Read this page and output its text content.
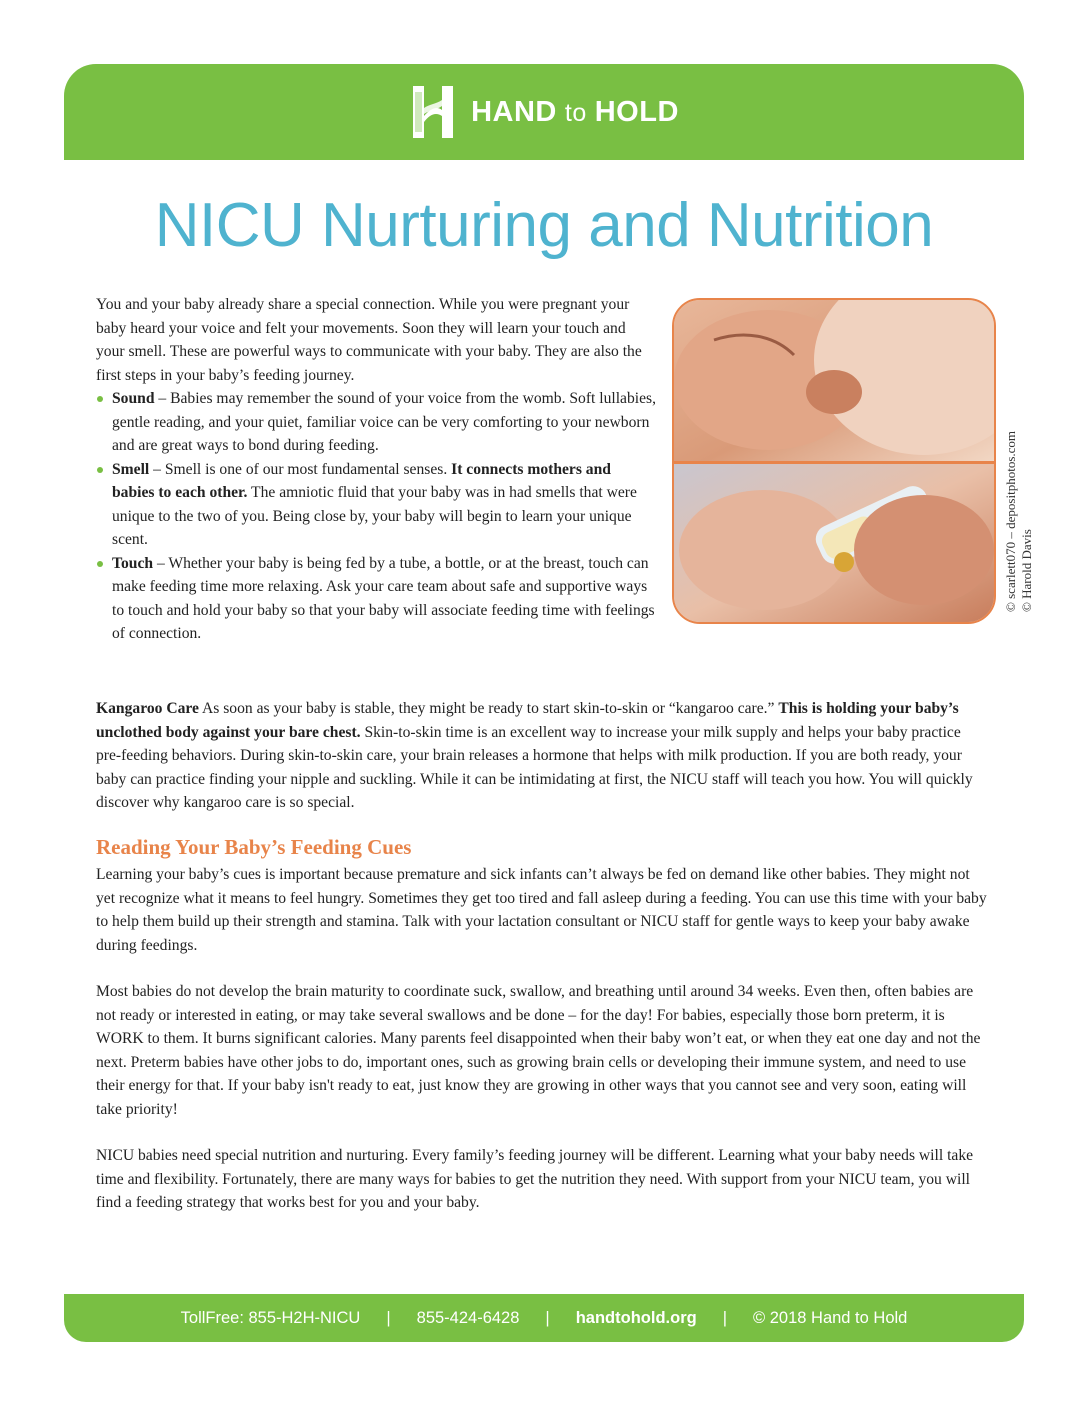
HAND to HOLD
NICU Nurturing and Nutrition

You and your baby already share a special connection. While you were pregnant your baby heard your voice and felt your movements. Soon they will learn your touch and your smell. These are powerful ways to communicate with your baby. They are also the first steps in your baby’s feeding journey.

Sound – Babies may remember the sound of your voice from the womb. Soft lullabies, gentle reading, and your quiet, familiar voice can be very comforting to your newborn and are great ways to bond during feeding.
Smell – Smell is one of our most fundamental senses. It connects mothers and babies to each other. The amniotic fluid that your baby was in had smells that were unique to the two of you. Being close by, your baby will begin to learn your unique scent.
Touch – Whether your baby is being fed by a tube, a bottle, or at the breast, touch can make feeding time more relaxing. Ask your care team about safe and supportive ways to touch and hold your baby so that your baby will associate feeding time with feelings of connection.
© scarlett070 – depositphotos.com © Harold Davis

Kangaroo Care As soon as your baby is stable, they might be ready to start skin-to-skin or “kangaroo care.” This is holding your baby’s unclothed body against your bare chest. Skin-to-skin time is an excellent way to increase your milk supply and helps your baby practice pre-feeding behaviors. During skin-to-skin care, your brain releases a hormone that helps with milk production. If you are both ready, your baby can practice finding your nipple and suckling. While it can be intimidating at first, the NICU staff will teach you how. You will quickly discover why kangaroo care is so special.

Reading Your Baby’s Feeding Cues

Learning your baby’s cues is important because premature and sick infants can’t always be fed on demand like other babies. They might not yet recognize what it means to feel hungry. Sometimes they get too tired and fall asleep during a feeding. You can use this time with your baby to help them build up their strength and stamina. Talk with your lactation consultant or NICU staff for gentle ways to keep your baby awake during feedings.

Most babies do not develop the brain maturity to coordinate suck, swallow, and breathing until around 34 weeks. Even then, often babies are not ready or interested in eating, or may take several swallows and be done – for the day! For babies, especially those born preterm, it is WORK to them. It burns significant calories. Many parents feel disappointed when their baby won’t eat, or when they eat one day and not the next. Preterm babies have other jobs to do, important ones, such as growing brain cells or developing their immune system, and need to use their energy for that. If your baby isn't ready to eat, just know they are growing in other ways that you cannot see and very soon, eating will take priority!

NICU babies need special nutrition and nurturing. Every family’s feeding journey will be different. Learning what your baby needs will take time and flexibility. Fortunately, there are many ways for babies to get the nutrition they need. With support from your NICU team, you will find a feeding strategy that works best for you and your baby.

TollFree: 855-H2H-NICU | 855-424-6428 | handtohold.org | © 2018 Hand to Hold
